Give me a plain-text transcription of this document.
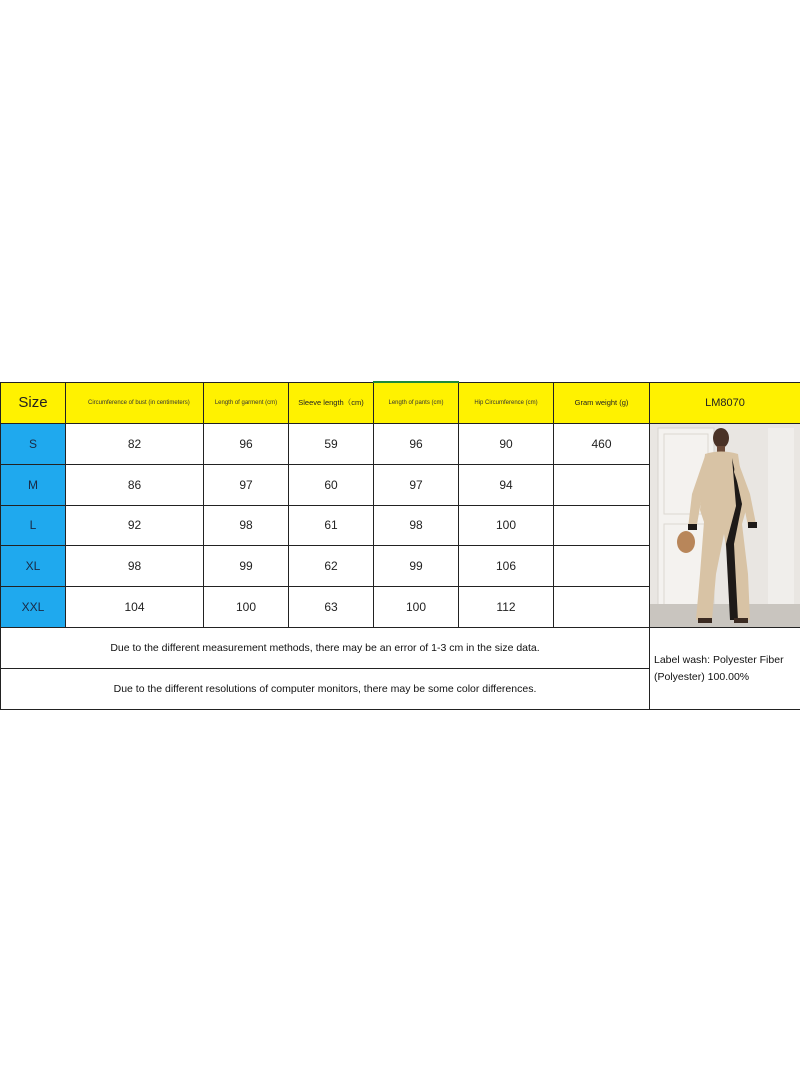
Size	Circumference of bust (in centimeters)	Length of garment (cm)	Sleeve length（cm)	Length of pants (cm)	Hip Circumference (cm)	Gram weight (g)	LM8070
S	82	96	59	96	90	460	

M	86	97	60	97	94		
L	92	98	61	98	100		
XL	98	99	62	99	106		
XXL	104	100	63	100	112		
Due to the different measurement methods, there may be an error of 1-3 cm in the size data.							Label wash: Polyester Fiber (Polyester) 100.00%
Due to the different resolutions of computer monitors, there may be some color differences.							
